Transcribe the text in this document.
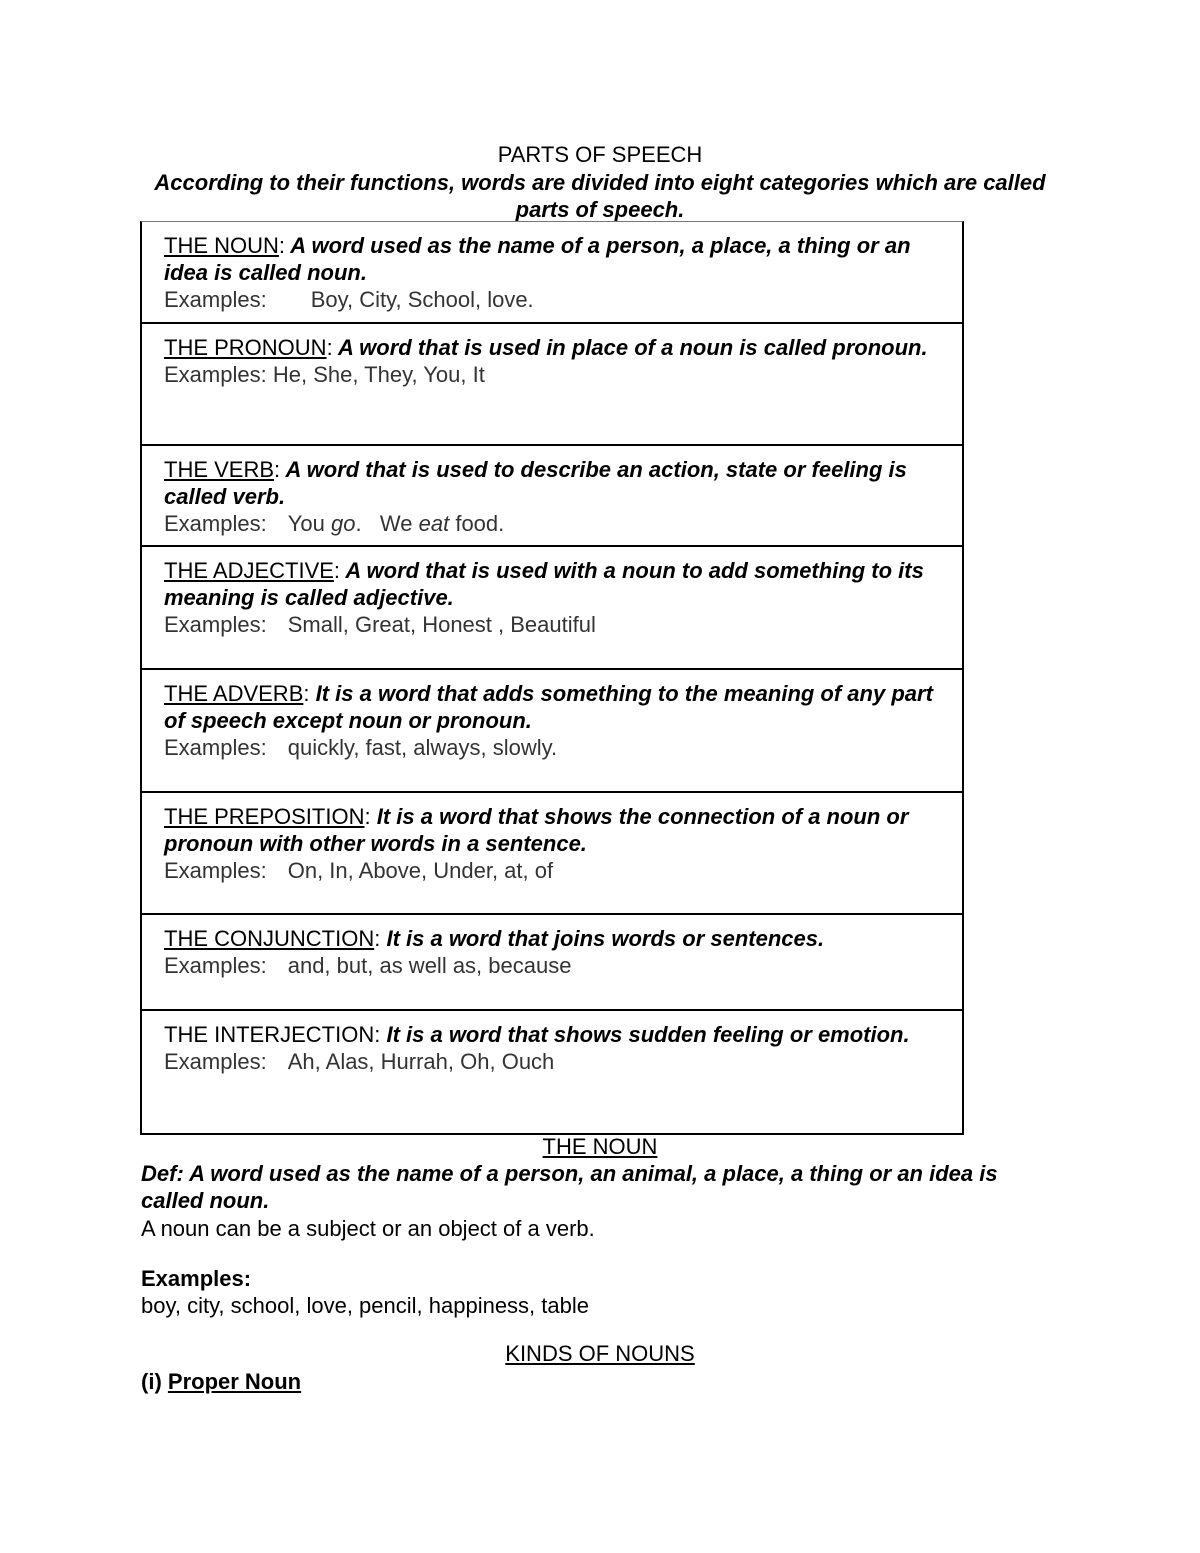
PARTS OF SPEECH
According to their functions, words are divided into eight categories which are called parts of speech.
THE NOUN: A word used as the name of a person, a place, a thing or an idea is called noun.
Examples: Boy, City, School, love.
THE PRONOUN: A word that is used in place of a noun is called pronoun.
Examples: He, She, They, You, It
THE VERB: A word that is used to describe an action, state or feeling is called verb.
Examples: You go.   We eat food.
THE ADJECTIVE: A word that is used with a noun to add something to its meaning is called adjective.
Examples: Small, Great, Honest , Beautiful
THE ADVERB: It is a word that adds something to the meaning of any part of speech except noun or pronoun.
Examples: quickly, fast, always, slowly.
THE PREPOSITION: It is a word that shows the connection of a noun or pronoun with other words in a sentence.
Examples: On, In, Above, Under, at, of
THE CONJUNCTION: It is a word that joins words or sentences.
Examples: and, but, as well as, because
THE INTERJECTION: It is a word that shows sudden feeling or emotion.
Examples: Ah, Alas, Hurrah, Oh, Ouch
THE NOUN
Def: A word used as the name of a person, an animal, a place, a thing or an idea is called noun.
A noun can be a subject or an object of a verb.
Examples:
boy, city, school, love, pencil, happiness, table
KINDS OF NOUNS
(i) Proper Noun
